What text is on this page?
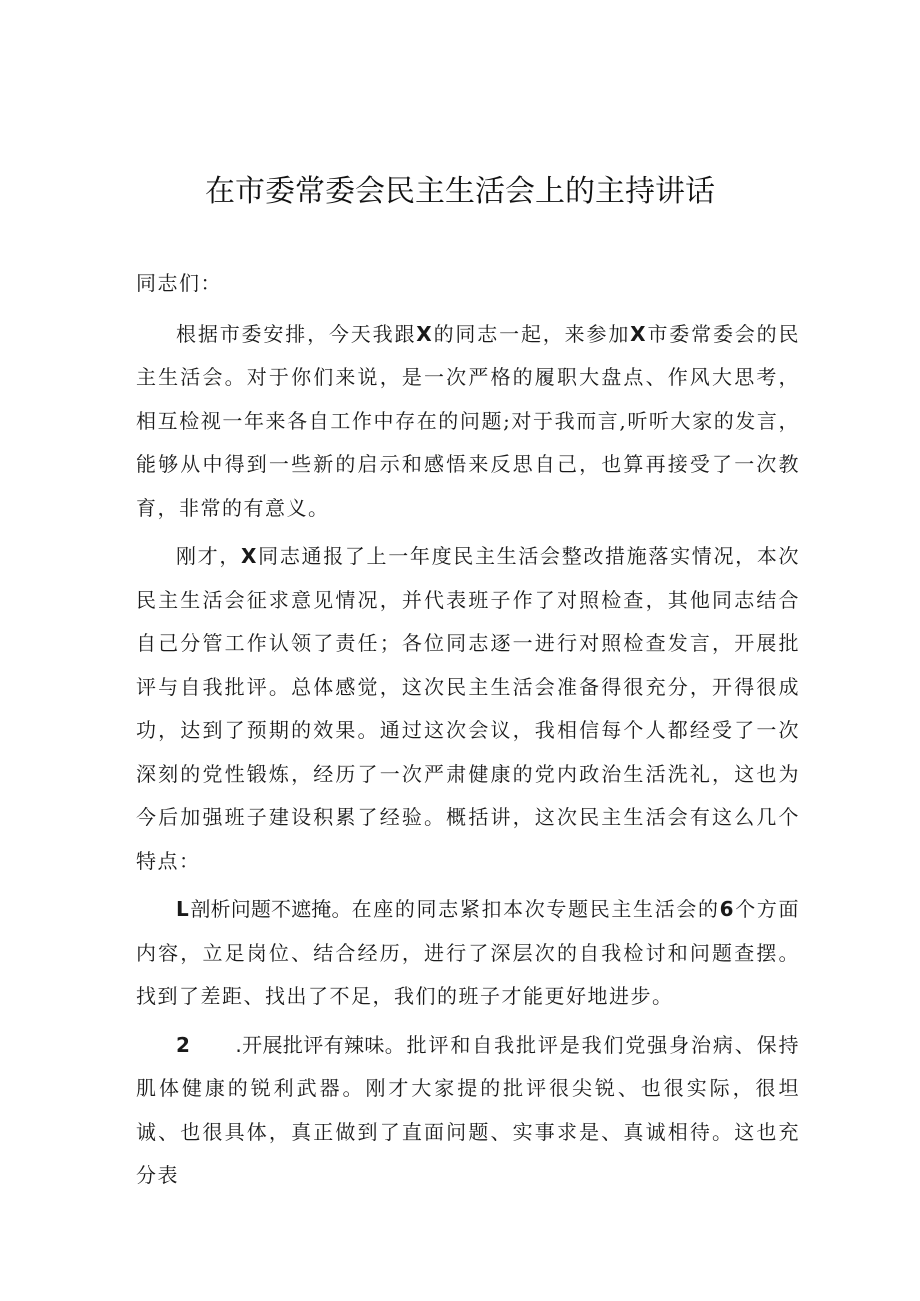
在市委常委会民主生活会上的主持讲话

同志们：

根据市委安排，今天我跟X的同志一起，来参加X市委常委会的民主生活会。对于你们来说，是一次严格的履职大盘点、作风大思考，相互检视一年来各自工作中存在的问题;对于我而言,听听大家的发言，能够从中得到一些新的启示和感悟来反思自己，也算再接受了一次教育，非常的有意义。

刚才，X同志通报了上一年度民主生活会整改措施落实情况，本次民主生活会征求意见情况，并代表班子作了对照检查，其他同志结合自己分管工作认领了责任；各位同志逐一进行对照检查发言，开展批评与自我批评。总体感觉，这次民主生活会准备得很充分，开得很成功，达到了预期的效果。通过这次会议，我相信每个人都经受了一次深刻的党性锻炼，经历了一次严肃健康的党内政治生活洗礼，这也为今后加强班子建设积累了经验。概括讲，这次民主生活会有这么几个特点：

L剖析问题不遮掩。在座的同志紧扣本次专题民主生活会的6个方面内容，立足岗位、结合经历，进行了深层次的自我检讨和问题查摆。找到了差距、找出了不足，我们的班子才能更好地进步。

2 .开展批评有辣味。批评和自我批评是我们党强身治病、保持肌体健康的锐利武器。刚才大家提的批评很尖锐、也很实际，很坦诚、也很具体，真正做到了直面问题、实事求是、真诚相待。这也充分表
